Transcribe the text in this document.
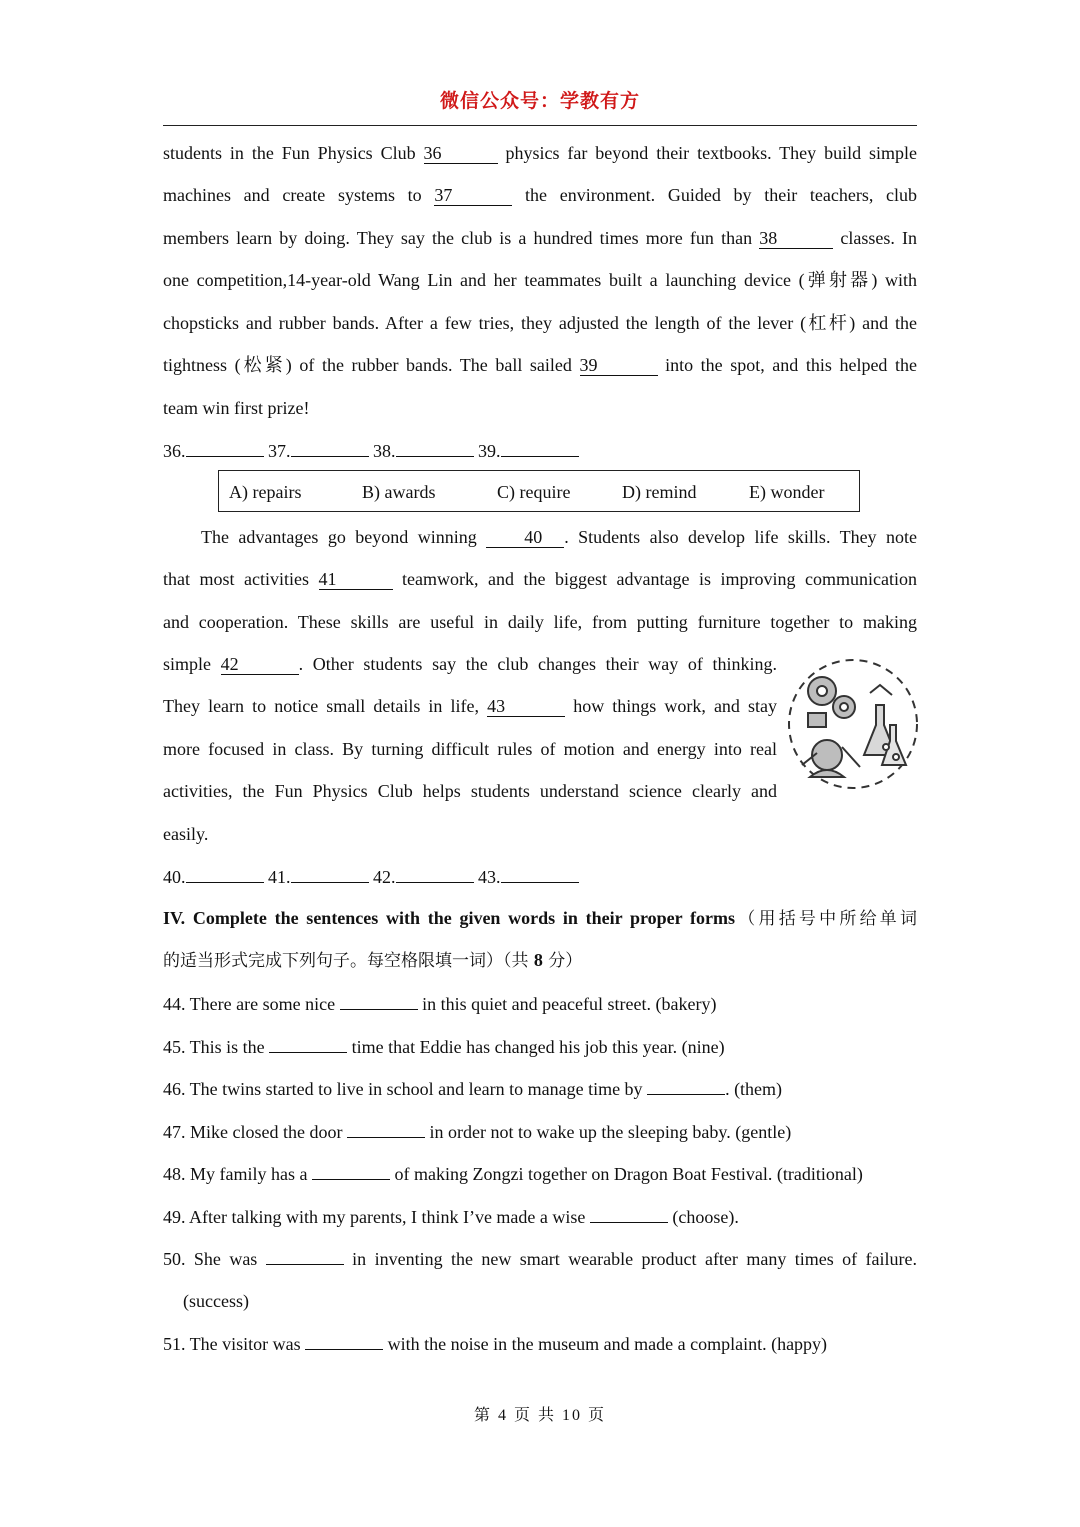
微信公众号：学教有方
students in the Fun Physics Club 36	physics far beyond their textbooks. They build simple
machines and create systems to 37	the environment. Guided by their teachers, club
members learn by doing. They say the club is a hundred times more fun than 38	classes. In
one competition,14-year-old Wang Lin and her teammates built a launching device (弹射器) with
chopsticks and rubber bands. After a few tries, they adjusted the length of the lever (杠杆) and the
tightness (松紧) of the rubber bands. The ball sailed 39	into the spot, and this helped the
team win first prize!
36.	37.	38.	39.
A) repairs	B) awards	C) require	D) remind	E) wonder
The advantages go beyond winning	40 . Students also develop life skills. They note
that most activities 41	teamwork, and the biggest advantage is improving communication
and cooperation. These skills are useful in daily life, from putting furniture together to making
simple 42	. Other students say the club changes their way of thinking.
They learn to notice small details in life, 43	how things work, and stay
more focused in class. By turning difficult rules of motion and energy into real
activities, the Fun Physics Club helps students understand science clearly and
easily.
40.	41.	42.	43.
IV. Complete the sentences with the given words in their proper forms（用括号中所给单词
的适当形式完成下列句子。每空格限填一词）（共 8 分）
44. There are some nice	in this quiet and peaceful street. (bakery)
45. This is the	time that Eddie has changed his job this year. (nine)
46. The twins started to live in school and learn to manage time by	. (them)
47. Mike closed the door	in order not to wake up the sleeping baby. (gentle)
48. My family has a	of making Zongzi together on Dragon Boat Festival. (traditional)
49. After talking with my parents, I think I’ve made a wise	(choose).
50. She was	in inventing the new smart wearable product after many times of failure.
(success)
51. The visitor was	with the noise in the museum and made a complaint. (happy)
第 4 页 共 10 页
